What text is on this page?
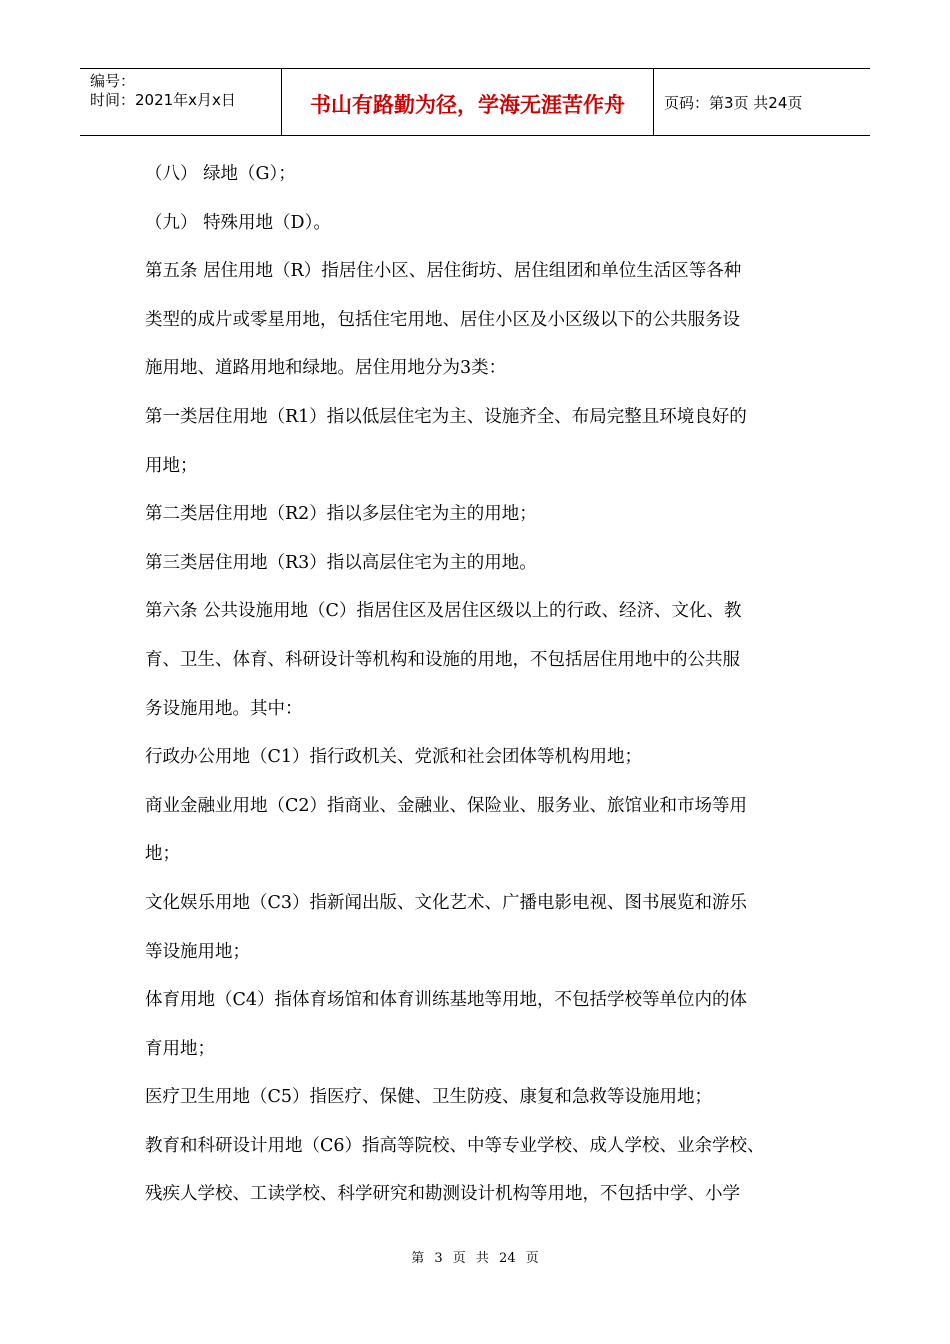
编号：
时间：2021年x月x日	书山有路勤为径，学海无涯苦作舟	页码：第3页 共24页
（八） 绿地（G）；
（九） 特殊用地（D）。
第五条 居住用地（R）指居住小区、居住街坊、居住组团和单位生活区等各种
类型的成片或零星用地，包括住宅用地、居住小区及小区级以下的公共服务设
施用地、道路用地和绿地。居住用地分为3类：
第一类居住用地（R1）指以低层住宅为主、设施齐全、布局完整且环境良好的
用地；
第二类居住用地（R2）指以多层住宅为主的用地；
第三类居住用地（R3）指以高层住宅为主的用地。
第六条 公共设施用地（C）指居住区及居住区级以上的行政、经济、文化、教
育、卫生、体育、科研设计等机构和设施的用地，不包括居住用地中的公共服
务设施用地。其中：
行政办公用地（C1）指行政机关、党派和社会团体等机构用地；
商业金融业用地（C2）指商业、金融业、保险业、服务业、旅馆业和市场等用
地；
文化娱乐用地（C3）指新闻出版、文化艺术、广播电影电视、图书展览和游乐
等设施用地；
体育用地（C4）指体育场馆和体育训练基地等用地，不包括学校等单位内的体
育用地；
医疗卫生用地（C5）指医疗、保健、卫生防疫、康复和急救等设施用地；
教育和科研设计用地（C6）指高等院校、中等专业学校、成人学校、业余学校、
残疾人学校、工读学校、科学研究和勘测设计机构等用地，不包括中学、小学
第 3 页 共 24 页
